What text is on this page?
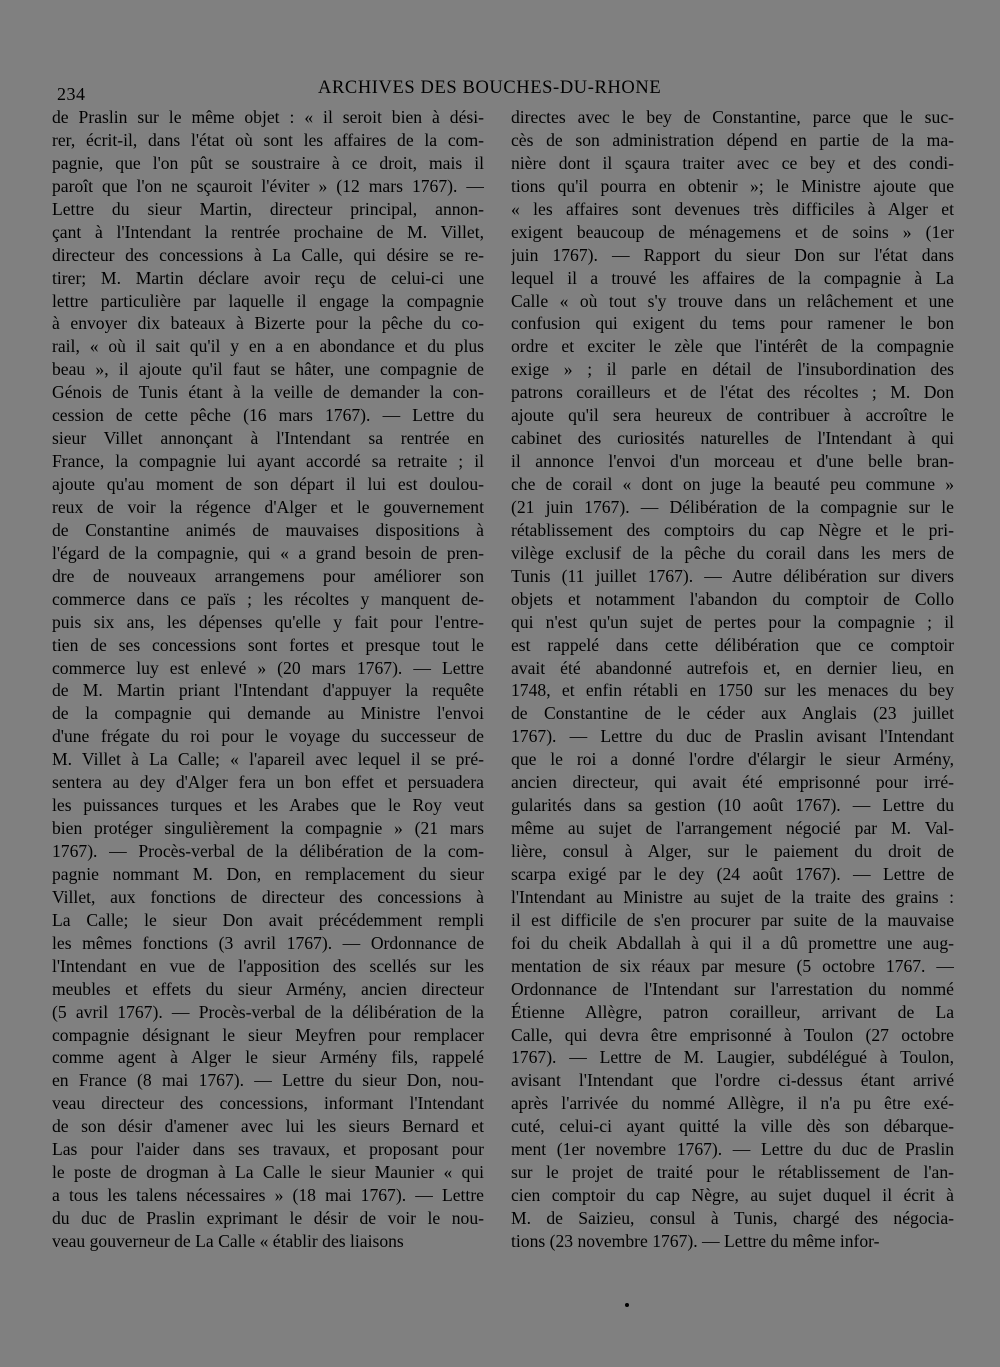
234	ARCHIVES DES BOUCHES-DU-RHONE
de Praslin sur le même objet : « il seroit bien à dési-
rer, écrit-il, dans l'état où sont les affaires de la com-
pagnie, que l'on pût se soustraire à ce droit, mais il
paroît que l'on ne sçauroit l'éviter » (12 mars 1767). —
Lettre du sieur Martin, directeur principal, annon-
çant à l'Intendant la rentrée prochaine de M. Villet,
directeur des concessions à La Calle, qui désire se re-
tirer; M. Martin déclare avoir reçu de celui-ci une
lettre particulière par laquelle il engage la compagnie
à envoyer dix bateaux à Bizerte pour la pêche du co-
rail, « où il sait qu'il y en a en abondance et du plus
beau », il ajoute qu'il faut se hâter, une compagnie de
Génois de Tunis étant à la veille de demander la con-
cession de cette pêche (16 mars 1767). — Lettre du
sieur Villet annonçant à l'Intendant sa rentrée en
France, la compagnie lui ayant accordé sa retraite ; il
ajoute qu'au moment de son départ il lui est doulou-
reux de voir la régence d'Alger et le gouvernement
de Constantine animés de mauvaises dispositions à
l'égard de la compagnie, qui « a grand besoin de pren-
dre de nouveaux arrangemens pour améliorer son
commerce dans ce païs ; les récoltes y manquent de-
puis six ans, les dépenses qu'elle y fait pour l'entre-
tien de ses concessions sont fortes et presque tout le
commerce luy est enlevé » (20 mars 1767). — Lettre
de M. Martin priant l'Intendant d'appuyer la requête
de la compagnie qui demande au Ministre l'envoi
d'une frégate du roi pour le voyage du successeur de
M. Villet à La Calle; « l'apareil avec lequel il se pré-
sentera au dey d'Alger fera un bon effet et persuadera
les puissances turques et les Arabes que le Roy veut
bien protéger singulièrement la compagnie » (21 mars
1767). — Procès-verbal de la délibération de la com-
pagnie nommant M. Don, en remplacement du sieur
Villet, aux fonctions de directeur des concessions à
La Calle; le sieur Don avait précédemment rempli
les mêmes fonctions (3 avril 1767). — Ordonnance de
l'Intendant en vue de l'apposition des scellés sur les
meubles et effets du sieur Armény, ancien directeur
(5 avril 1767). — Procès-verbal de la délibération de la
compagnie désignant le sieur Meyfren pour remplacer
comme agent à Alger le sieur Armény fils, rappelé
en France (8 mai 1767). — Lettre du sieur Don, nou-
veau directeur des concessions, informant l'Intendant
de son désir d'amener avec lui les sieurs Bernard et
Las pour l'aider dans ses travaux, et proposant pour
le poste de drogman à La Calle le sieur Maunier « qui
a tous les talens nécessaires » (18 mai 1767). — Lettre
du duc de Praslin exprimant le désir de voir le nou-
veau gouverneur de La Calle « établir des liaisons
directes avec le bey de Constantine, parce que le suc-
cès de son administration dépend en partie de la ma-
nière dont il sçaura traiter avec ce bey et des condi-
tions qu'il pourra en obtenir »; le Ministre ajoute que
« les affaires sont devenues très difficiles à Alger et
exigent beaucoup de ménagemens et de soins » (1er
juin 1767). — Rapport du sieur Don sur l'état dans
lequel il a trouvé les affaires de la compagnie à La
Calle « où tout s'y trouve dans un relâchement et une
confusion qui exigent du tems pour ramener le bon
ordre et exciter le zèle que l'intérêt de la compagnie
exige » ; il parle en détail de l'insubordination des
patrons corailleurs et de l'état des récoltes ; M. Don
ajoute qu'il sera heureux de contribuer à accroître le
cabinet des curiosités naturelles de l'Intendant à qui
il annonce l'envoi d'un morceau et d'une belle bran-
che de corail « dont on juge la beauté peu commune »
(21 juin 1767). — Délibération de la compagnie sur le
rétablissement des comptoirs du cap Nègre et le pri-
vilège exclusif de la pêche du corail dans les mers de
Tunis (11 juillet 1767). — Autre délibération sur divers
objets et notamment l'abandon du comptoir de Collo
qui n'est qu'un sujet de pertes pour la compagnie ; il
est rappelé dans cette délibération que ce comptoir
avait été abandonné autrefois et, en dernier lieu, en
1748, et enfin rétabli en 1750 sur les menaces du bey
de Constantine de le céder aux Anglais (23 juillet
1767). — Lettre du duc de Praslin avisant l'Intendant
que le roi a donné l'ordre d'élargir le sieur Armény,
ancien directeur, qui avait été emprisonné pour irré-
gularités dans sa gestion (10 août 1767). — Lettre du
même au sujet de l'arrangement négocié par M. Val-
lière, consul à Alger, sur le paiement du droit de
scarpa exigé par le dey (24 août 1767). — Lettre de
l'Intendant au Ministre au sujet de la traite des grains :
il est difficile de s'en procurer par suite de la mauvaise
foi du cheik Abdallah à qui il a dû promettre une aug-
mentation de six réaux par mesure (5 octobre 1767. —
Ordonnance de l'Intendant sur l'arrestation du nommé
Étienne Allègre, patron corailleur, arrivant de La
Calle, qui devra être emprisonné à Toulon (27 octobre
1767). — Lettre de M. Laugier, subdélégué à Toulon,
avisant l'Intendant que l'ordre ci-dessus étant arrivé
après l'arrivée du nommé Allègre, il n'a pu être exé-
cuté, celui-ci ayant quitté la ville dès son débarque-
ment (1er novembre 1767). — Lettre du duc de Praslin
sur le projet de traité pour le rétablissement de l'an-
cien comptoir du cap Nègre, au sujet duquel il écrit à
M. de Saizieu, consul à Tunis, chargé des négocia-
tions (23 novembre 1767). — Lettre du même infor-
